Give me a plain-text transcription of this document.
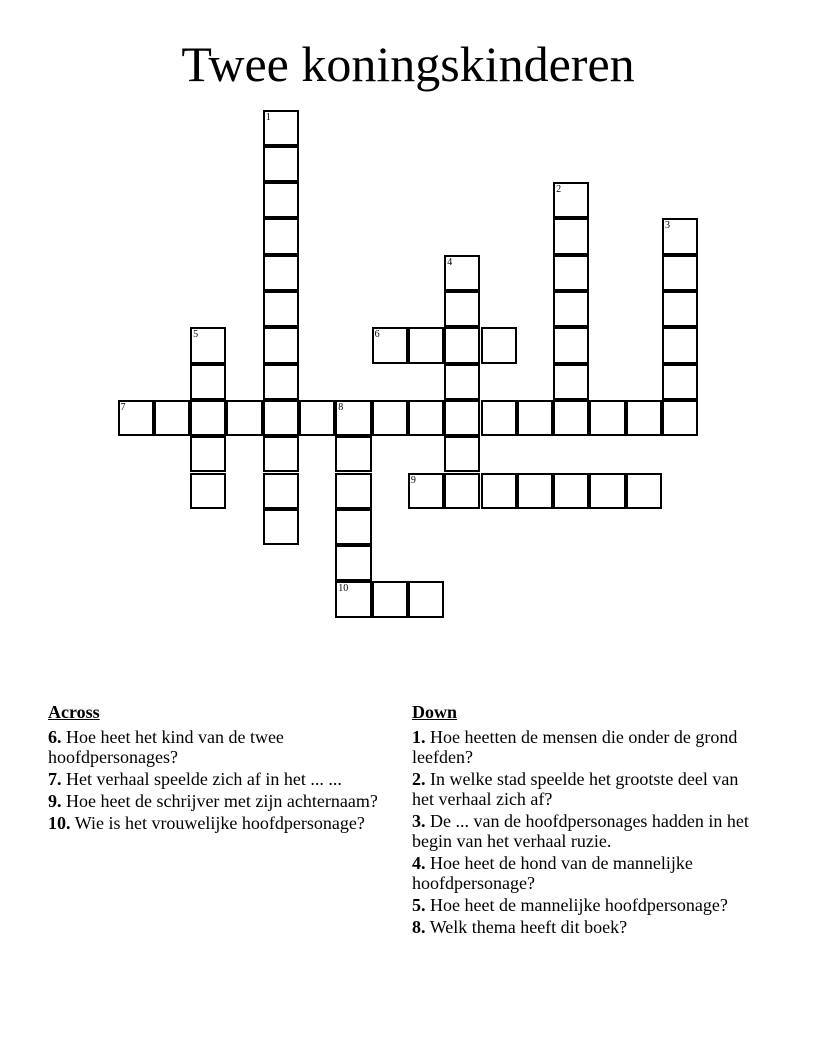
Twee koningskinderen
1
2
3
4
5	6
7	8
9
10
Across
6. Hoe heet het kind van de twee hoofdpersonages?
7. Het verhaal speelde zich af in het ... ...
9. Hoe heet de schrijver met zijn achternaam?
10. Wie is het vrouwelijke hoofdpersonage?
Down
1. Hoe heetten de mensen die onder de grond leefden?
2. In welke stad speelde het grootste deel van het verhaal zich af?
3. De ... van de hoofdpersonages hadden in het begin van het verhaal ruzie.
4. Hoe heet de hond van de mannelijke hoofdpersonage?
5. Hoe heet de mannelijke hoofdpersonage?
8. Welk thema heeft dit boek?
